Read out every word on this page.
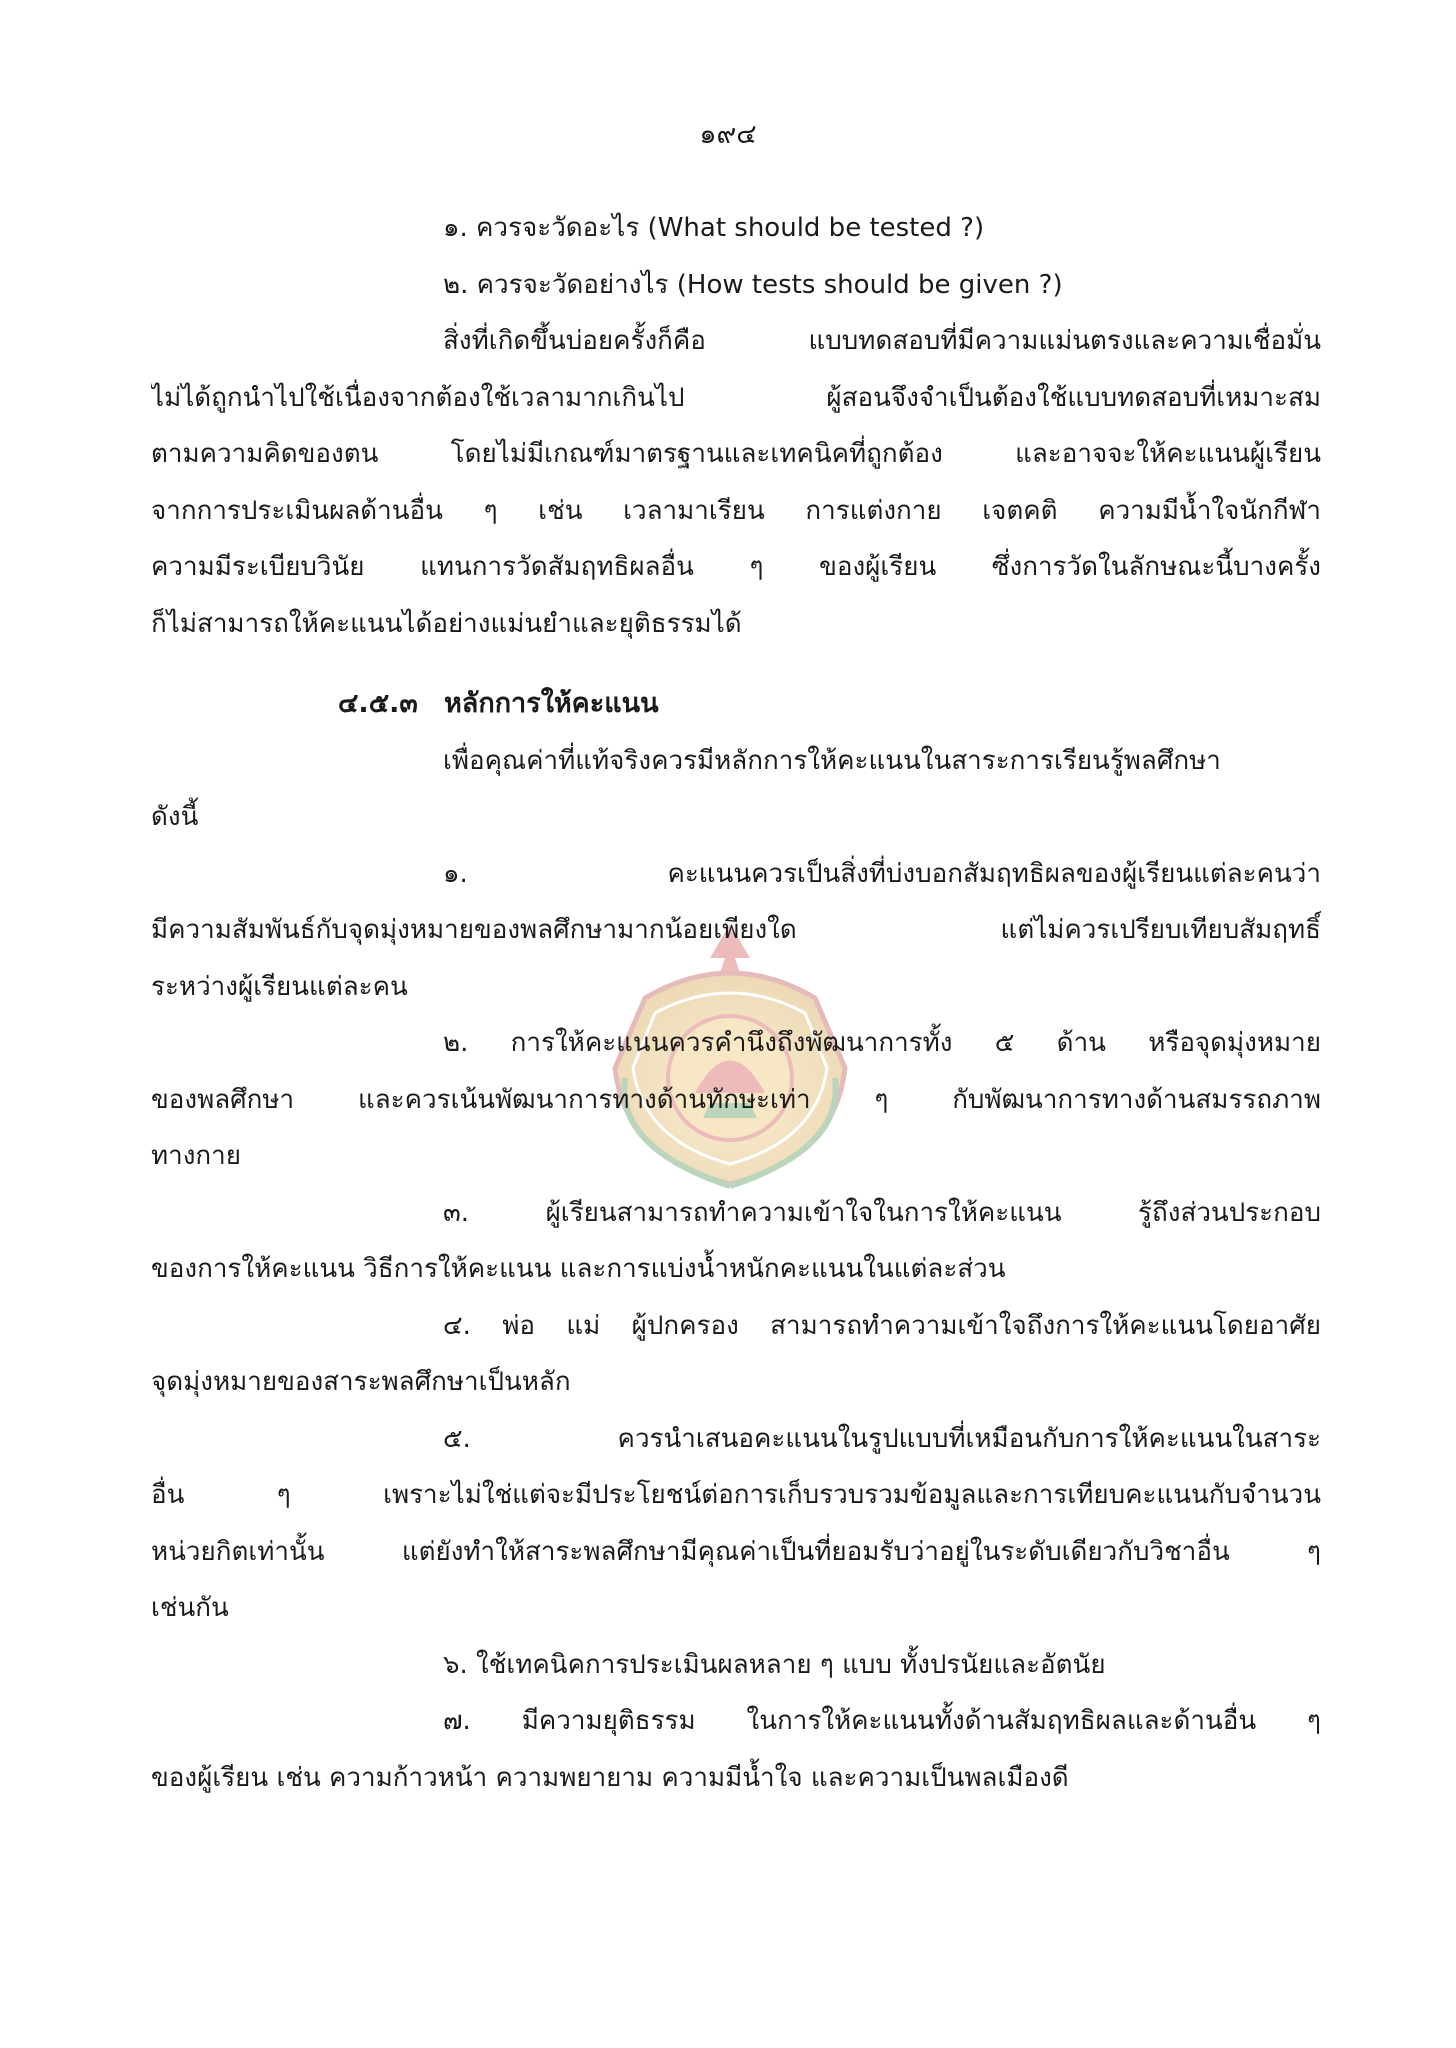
๑๙๔
๑. ควรจะวัดอะไร (What should be tested ?)
๒. ควรจะวัดอย่างไร (How tests should be given ?)
สิ่งที่เกิดขึ้นบ่อยครั้งก็คือ แบบทดสอบที่มีความแม่นตรงและความเชื่อมั่น
ไม่ได้ถูกนำไปใช้เนื่องจากต้องใช้เวลามากเกินไป ผู้สอนจึงจำเป็นต้องใช้แบบทดสอบที่เหมาะสม
ตามความคิดของตน โดยไม่มีเกณฑ์มาตรฐานและเทคนิคที่ถูกต้อง และอาจจะให้คะแนนผู้เรียน
จากการประเมินผลด้านอื่น ๆ เช่น เวลามาเรียน การแต่งกาย เจตคติ ความมีน้ำใจนักกีฬา
ความมีระเบียบวินัย แทนการวัดสัมฤทธิผลอื่น ๆ ของผู้เรียน ซึ่งการวัดในลักษณะนี้บางครั้ง
ก็ไม่สามารถให้คะแนนได้อย่างแม่นยำและยุติธรรมได้
๔.๕.๓ หลักการให้คะแนน
เพื่อคุณค่าที่แท้จริงควรมีหลักการให้คะแนนในสาระการเรียนรู้พลศึกษา
ดังนี้
๑. คะแนนควรเป็นสิ่งที่บ่งบอกสัมฤทธิผลของผู้เรียนแต่ละคนว่า
มีความสัมพันธ์กับจุดมุ่งหมายของพลศึกษามากน้อยเพียงใด แต่ไม่ควรเปรียบเทียบสัมฤทธิ์
ระหว่างผู้เรียนแต่ละคน
๒. การให้คะแนนควรคำนึงถึงพัฒนาการทั้ง ๕ ด้าน หรือจุดมุ่งหมาย
ของพลศึกษา และควรเน้นพัฒนาการทางด้านทักษะเท่า ๆ กับพัฒนาการทางด้านสมรรถภาพ
ทางกาย
๓. ผู้เรียนสามารถทำความเข้าใจในการให้คะแนน รู้ถึงส่วนประกอบ
ของการให้คะแนน วิธีการให้คะแนน และการแบ่งน้ำหนักคะแนนในแต่ละส่วน
๔. พ่อ แม่ ผู้ปกครอง สามารถทำความเข้าใจถึงการให้คะแนนโดยอาศัย
จุดมุ่งหมายของสาระพลศึกษาเป็นหลัก
๕. ควรนำเสนอคะแนนในรูปแบบที่เหมือนกับการให้คะแนนในสาระ
อื่น ๆ เพราะไม่ใช่แต่จะมีประโยชน์ต่อการเก็บรวบรวมข้อมูลและการเทียบคะแนนกับจำนวน
หน่วยกิตเท่านั้น แต่ยังทำให้สาระพลศึกษามีคุณค่าเป็นที่ยอมรับว่าอยู่ในระดับเดียวกับวิชาอื่น ๆ
เช่นกัน
๖. ใช้เทคนิคการประเมินผลหลาย ๆ แบบ ทั้งปรนัยและอัตนัย
๗. มีความยุติธรรม ในการให้คะแนนทั้งด้านสัมฤทธิผลและด้านอื่น ๆ
ของผู้เรียน เช่น ความก้าวหน้า ความพยายาม ความมีน้ำใจ และความเป็นพลเมืองดี
